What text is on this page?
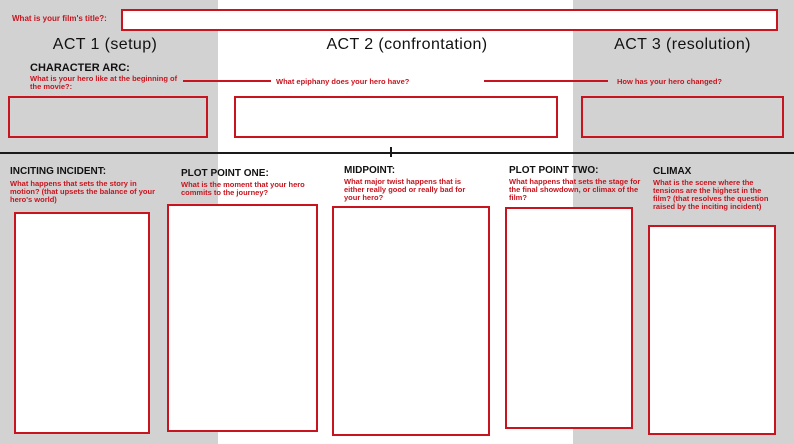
What is your film's title?:
ACT 1 (setup)	ACT 2 (confrontation)	ACT 3 (resolution)
CHARACTER ARC:
What is your hero like at the beginning of the movie?:
What epiphany does your hero have?	How has your hero changed?
INCITING INCIDENT:
What happens that sets the story in motion? (that upsets the balance of your hero's world)
PLOT POINT ONE:
What is the moment that your hero commits to the journey?
MIDPOINT:
What major twist happens that is either really good or really bad for your hero?
PLOT POINT TWO:
What happens that sets the stage for the final showdown, or climax of the film?
CLIMAX
What is the scene where the tensions are the highest in the film? (that resolves the question raised by the inciting incident)
